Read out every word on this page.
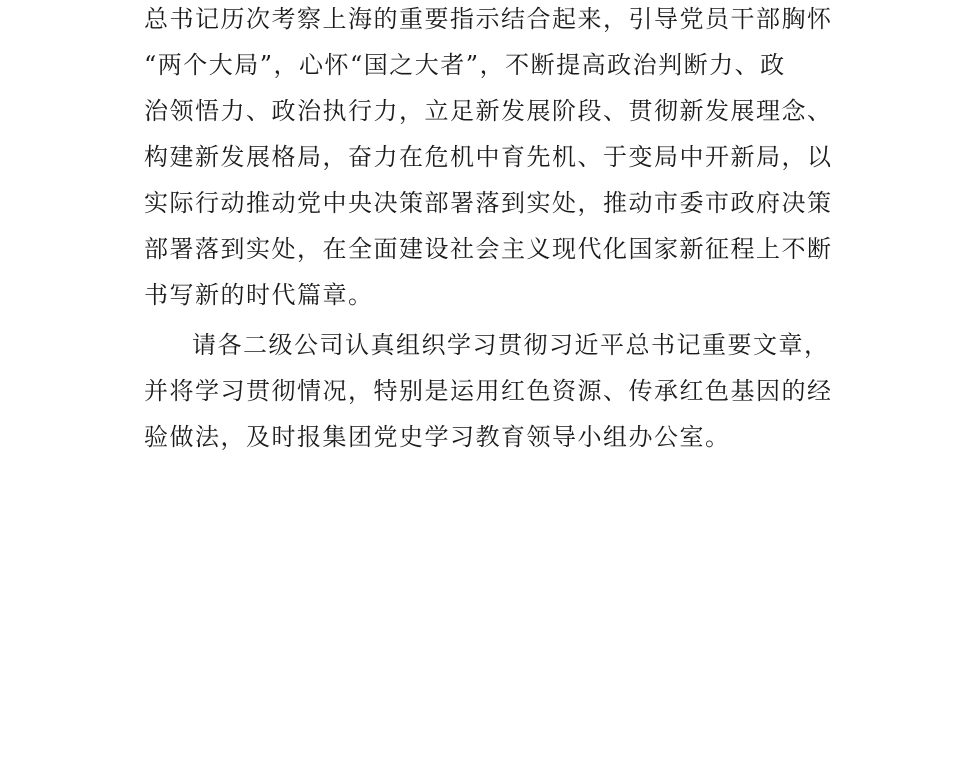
总书记历次考察上海的重要指示结合起来，引导党员干部胸怀
“两个大局”，心怀“国之大者”，不断提高政治判断力、政
治领悟力、政治执行力，立足新发展阶段、贯彻新发展理念、
构建新发展格局，奋力在危机中育先机、于变局中开新局，以
实际行动推动党中央决策部署落到实处，推动市委市政府决策
部署落到实处，在全面建设社会主义现代化国家新征程上不断
书写新的时代篇章。
请各二级公司认真组织学习贯彻习近平总书记重要文章，
并将学习贯彻情况，特别是运用红色资源、传承红色基因的经
验做法，及时报集团党史学习教育领导小组办公室。
